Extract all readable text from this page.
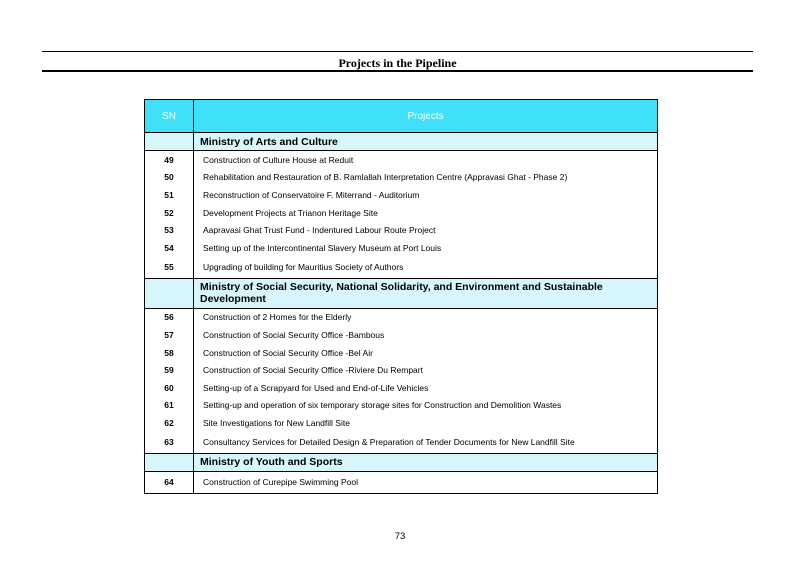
Projects in the Pipeline
SN	Projects
	Ministry of Arts and Culture
49	Construction of Culture House at Reduit
50	Rehabilitation and Restauration of B. Ramlallah Interpretation Centre (Appravasi Ghat - Phase 2)
51	Reconstruction of Conservatoire F. Miterrand - Auditorium
52	Development Projects at Trianon Heritage Site
53	Aapravasi Ghat Trust Fund - Indentured Labour Route Project
54	Setting up of the Intercontinental Slavery Museum at Port Louis
55	Upgrading of building for Mauritius Society of Authors
	Ministry of Social Security, National Solidarity, and Environment and Sustainable Development
56	Construction of 2 Homes for the Elderly
57	Construction of Social Security Office -Bambous
58	Construction of Social Security Office -Bel Air
59	Construction of Social Security Office -Riviere Du Rempart
60	Setting-up of a Scrapyard for Used and End-of-Life Vehicles
61	Setting-up and operation of six temporary storage sites for Construction and Demolition Wastes
62	Site Investigations for New Landfill Site
63	Consultancy Services for Detailed Design & Preparation of Tender Documents for New Landfill Site
	Ministry of Youth and Sports
64	Construction of Curepipe Swimming Pool
73
